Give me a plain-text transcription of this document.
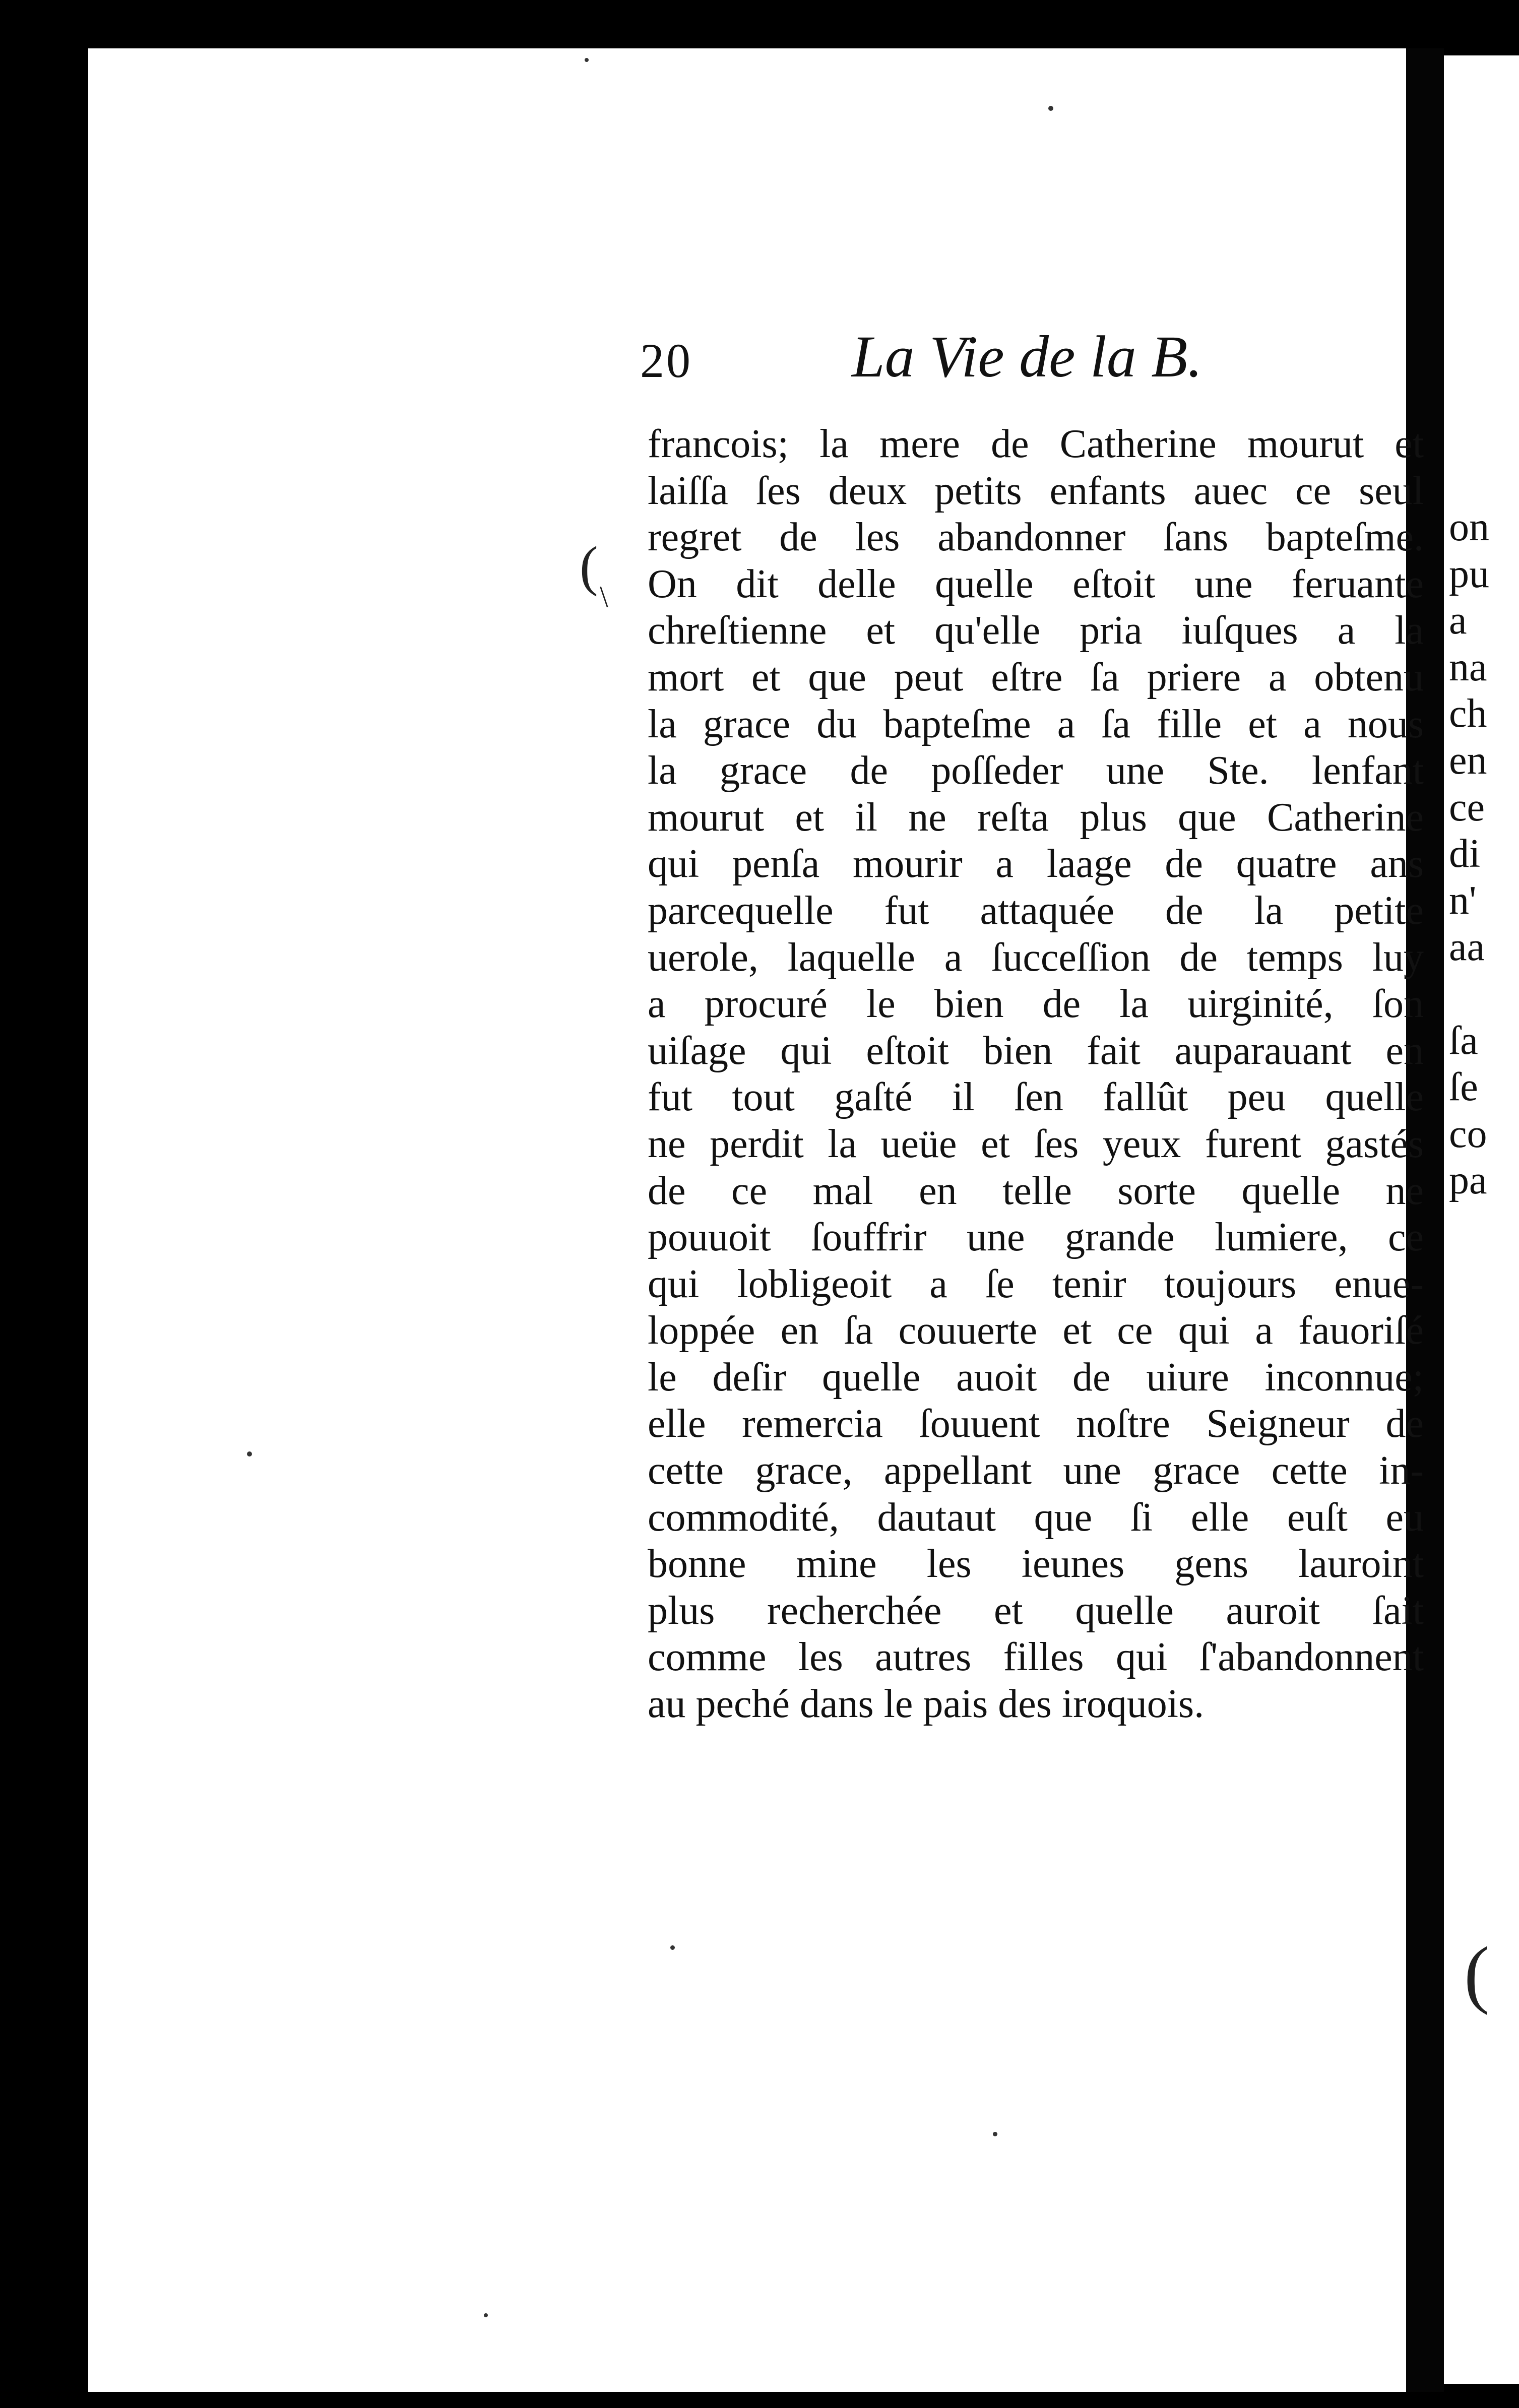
on
pu
a
na
ch
en
ce
di
n'
aa
ſa
ſe
co
pa
(
( \
20	La Vie de la B.
francois; la mere de Catherine mourut et
laiſſa ſes deux petits enfants auec ce seul
regret de les abandonner ſans bapteſme.
On dit delle quelle eſtoit une feruante
chreſtienne et qu'elle pria iuſques a la
mort et que peut eſtre ſa priere a obtenu
la grace du bapteſme a ſa fille et a nous
la grace de poſſeder une Ste. lenfant
mourut et il ne reſta plus que Catherine
qui penſa mourir a laage de quatre ans
parcequelle fut attaquée de la petite
uerole, laquelle a ſucceſſion de temps luy
a procuré le bien de la uirginité, ſon
uiſage qui eſtoit bien fait auparauant en
fut tout gaſté il ſen fallût peu quelle
ne perdit la ueüe et ſes yeux furent gastés
de ce mal en telle sorte quelle ne
pouuoit ſouffrir une grande lumiere, ce
qui lobligeoit a ſe tenir toujours enue-
loppée en ſa couuerte et ce qui a fauoriſé
le deſir quelle auoit de uiure inconnue;
elle remercia ſouuent noſtre Seigneur de
cette grace, appellant une grace cette in-
commodité, dautaut que ſi elle euſt eu
bonne mine les ieunes gens lauroint
plus recherchée et quelle auroit ſait
comme les autres filles qui ſ'abandonnent
au peché dans le pais des iroquois.
